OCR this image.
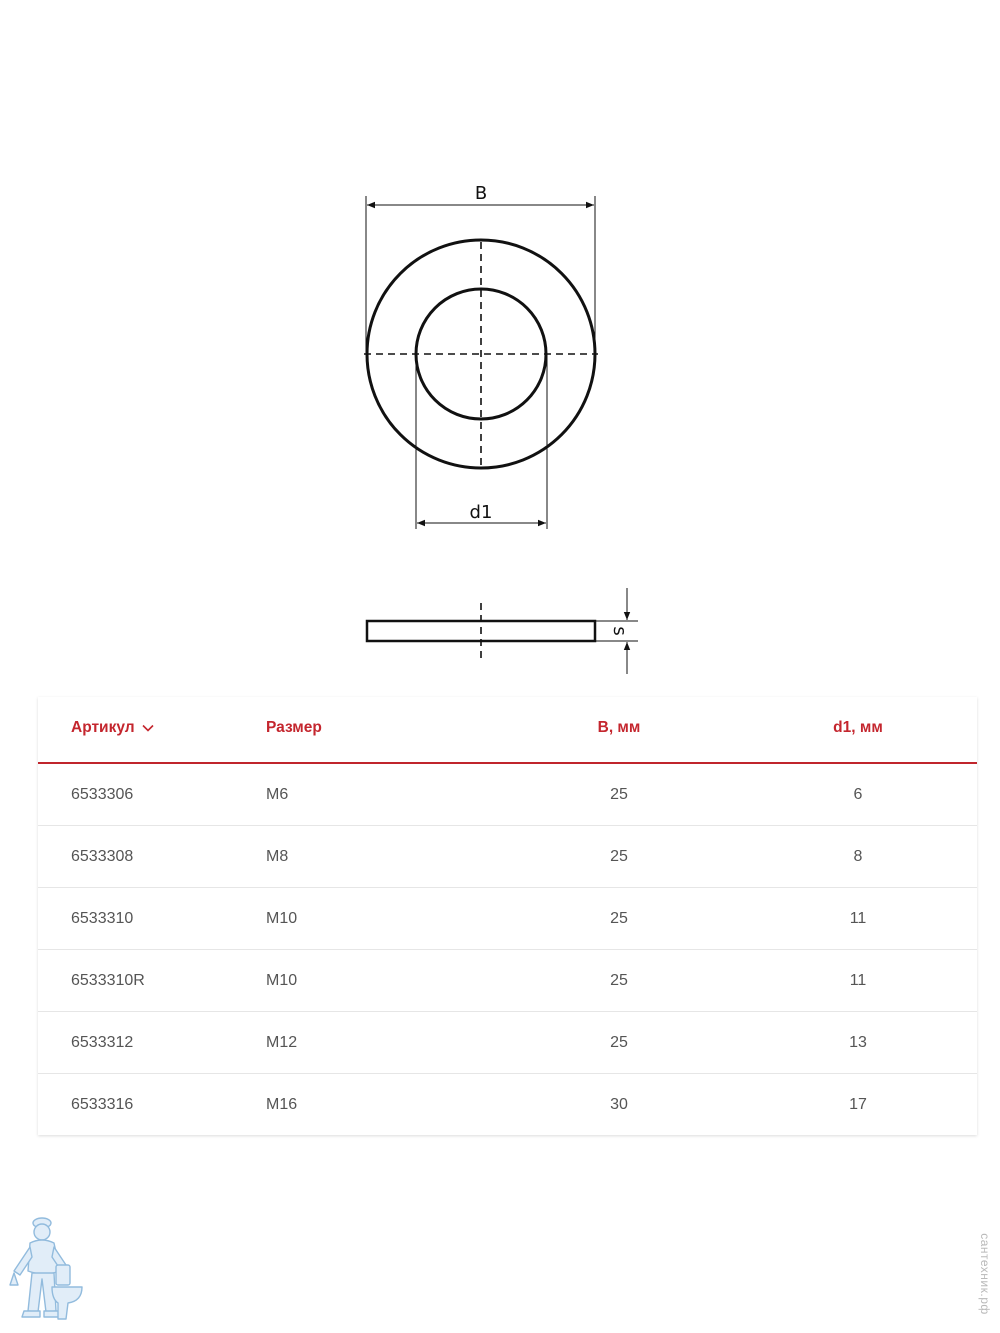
B
d1
s
Артикул	Размер	B, мм	d1, мм
6533306	M6	25	6
6533308	M8	25	8
6533310	M10	25	11
6533310R	M10	25	11
6533312	M12	25	13
6533316	M16	30	17
сантехник.рф
